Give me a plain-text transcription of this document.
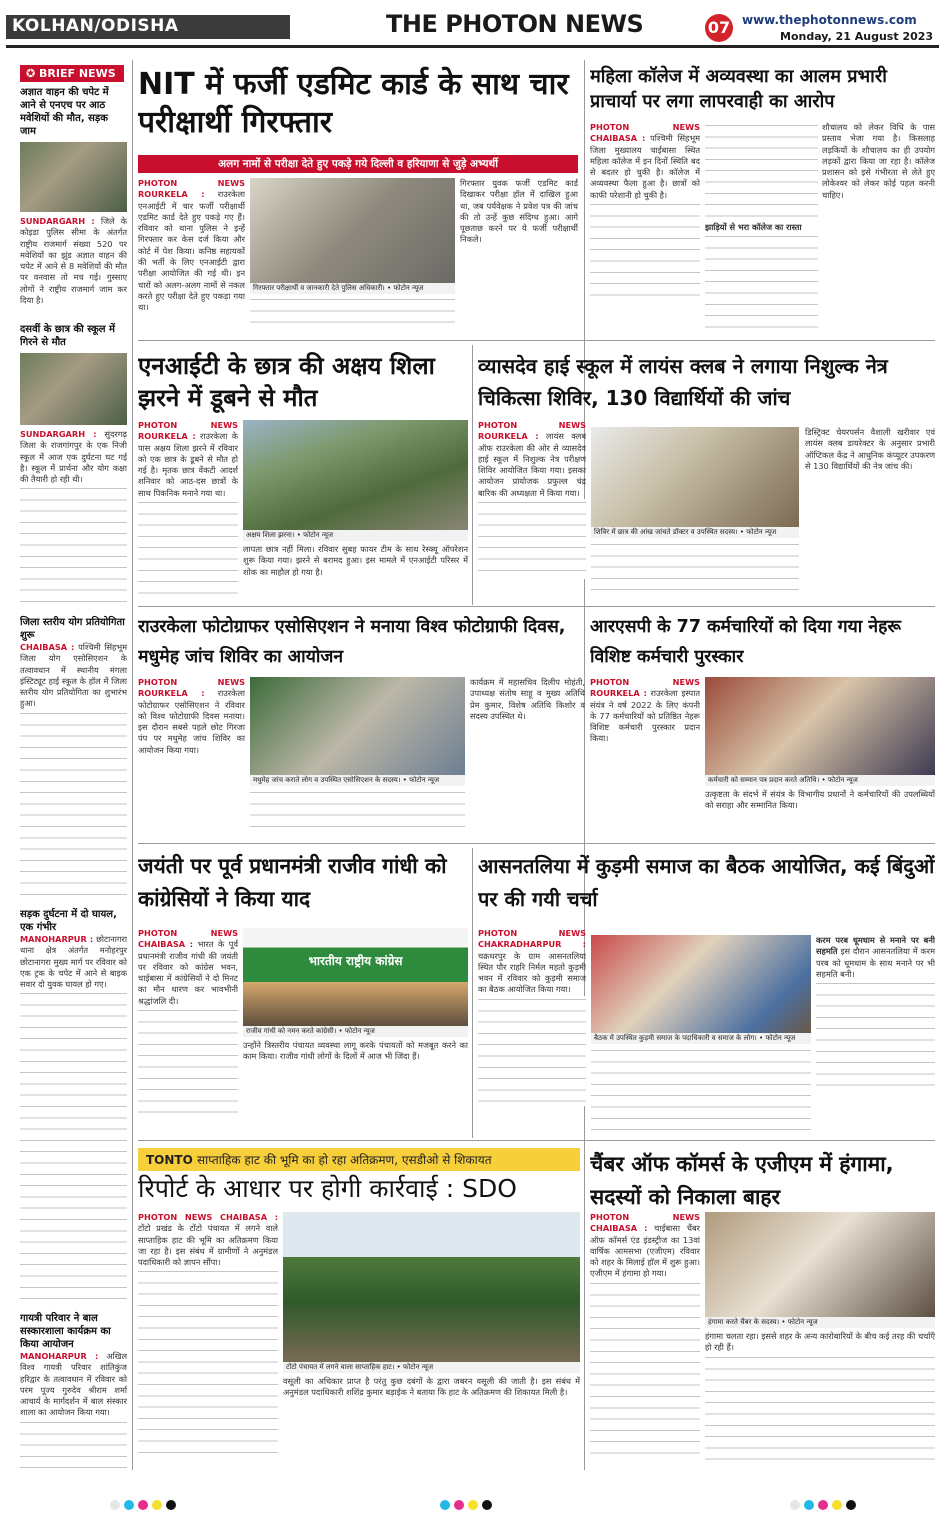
KOLHAN/ODISHA	THE PHOTON NEWS	07 www.thephotonnews.com
Monday, 21 August 2023
✪ BRIEF NEWS
अज्ञात वाहन की चपेट में आने से एनएच पर आठ मवेशियों की मौत, सड़क जाम
SUNDARGARH : जिले के कोइडा पुलिस सीमा के अंतर्गत राष्ट्रीय राजमार्ग संख्या 520 पर मवेशियों का झुंड अज्ञात वाहन की चपेट में आने से 8 मवेशियों की मौत पर वनवास तो मच गई। गुस्साए लोगों ने राष्ट्रीय राजमार्ग जाम कर दिया है।
दसवीं के छात्र की स्कूल में गिरने से मौत
SUNDARGARH : सुंदरगढ़ जिला के राजगांगपुर के एक निजी स्कूल में आज एक दुर्घटना घट गई है। स्कूल में प्रार्थना और योग कक्षा की तैयारी हो रही थी।
जिला स्तरीय योग प्रतियोगिता शुरू
CHAIBASA : पश्चिमी सिंहभूम जिला योग एसोसिएशन के तत्वावधान में स्थानीय मंगला इंस्टिट्यूट हाई स्कूल के हॉल में जिला स्तरीय योग प्रतियोगिता का शुभारंभ हुआ।
सड़क दुर्घटना में दो घायल, एक गंभीर
MANOHARPUR : छोटानागरा थाना क्षेत्र अंतर्गत मनोहरपुर छोटानागरा मुख्य मार्ग पर रविवार को एक ट्रक के चपेट में आने से बाइक सवार दो युवक घायल हो गए।
गायत्री परिवार ने बाल सस्कारशाला कार्यक्रम का किया आयोजन
MANOHARPUR : अखिल विश्व गायत्री परिवार शांतिकुंज हरिद्वार के तत्वावधान में रविवार को परम पूज्य गुरुदेव श्रीराम शर्मा आचार्य के मार्गदर्शन में बाल संस्कार शाला का आयोजन किया गया।
NIT में फर्जी एडमिट कार्ड के साथ चार परीक्षार्थी गिरफ्तार
अलग नामों से परीक्षा देते हुए पकड़े गये दिल्ली व हरियाणा से जुड़े अभ्यर्थी
PHOTON NEWS ROURKELA : राउरकेला एनआईटी में चार फर्जी परीक्षार्थी एडमिट कार्ड देते हुए पकड़े गए हैं। रविवार को थाना पुलिस ने इन्हें गिरफ्तार कर केस दर्ज किया और कोर्ट में पेश किया। कनिष्ठ सहायकों की भर्ती के लिए एनआईटी द्वारा परीक्षा आयोजित की गई थी। इन चारों को अलग-अलग नामों से नकल करते हुए परीक्षा देते हुए पकड़ा गया था।
गिरफ्तार परीक्षार्थी व जानकारी देते पुलिस अधिकारी। • फोटोन न्यूज
गिरफ्तार युवक फर्जी एडमिट कार्ड दिखाकर परीक्षा हॉल में दाखिल हुआ था, जब पर्यवेक्षक ने प्रवेश पत्र की जांच की तो उन्हें कुछ संदिग्ध हुआ। आगे पूछताछ करने पर ये फर्जी परीक्षार्थी निकले।
महिला कॉलेज में अव्यवस्था का आलम प्रभारी प्राचार्या पर लगा लापरवाही का आरोप
PHOTON NEWS CHAIBASA : पश्चिमी सिंहभूम जिला मुख्यालय चाईबासा स्थित महिला कॉलेज में इन दिनों स्थिति बद से बदतर हो चुकी है। कॉलेज में अव्यवस्था फैला हुआ है। छात्रों को काफी परेशानी हो चुकी है।
झाड़ियों से भरा कॉलेज का रास्ता
शौचालय को लेकर विधि के पास प्रस्ताव भेजा गया है। किसलाह लड़कियों के शौचालय का ही उपयोग लड़कों द्वारा किया जा रहा है। कॉलेज प्रशासन को इसे गंभीरता से लेते हुए लोकेश्वर को लेकर कोई पहल करनी चाहिए।
एनआईटी के छात्र की अक्षय शिला झरने में डूबने से मौत
PHOTON NEWS ROURKELA : राउरकेला के पास अक्षय शिला झरने में रविवार को एक छात्र के डूबने से मौत हो गई है। मृतक छात्र वेंकटी आदर्श शनिवार को आठ-दस छात्रों के साथ पिकनिक मनाने गया था।
अक्षय शिला झरना। • फोटोन न्यूज
लापता छात्र नहीं मिला। रविवार सुबह फायर टीम के साथ रेस्क्यू ऑपरेशन शुरू किया गया। झरने से बरामद हुआ। इस मामले में एनआईटी परिसर में शोक का माहौल हो गया है।
व्यासदेव हाई स्कूल में लायंस क्लब ने लगाया निशुल्क नेत्र चिकित्सा शिविर, 130 विद्यार्थियों की जांच
PHOTON NEWS ROURKELA : लायंस क्लब ऑफ राउरकेला की ओर से व्यासदेव हाई स्कूल में निशुल्क नेत्र परीक्षण शिविर आयोजित किया गया। इसका आयोजन प्रायोजक प्रफुल्ल चंद्र बारिक की अध्यक्षता में किया गया।
शिविर में छात्र की आंख जांचते डॉक्टर व उपस्थित सदस्य। • फोटोन न्यूज
डिस्ट्रिक्ट चेयरपर्सन वैशाली खरीवार एवं लायंस क्लब डायरेक्टर के अनुसार प्रभारी ऑप्टिकल केंद्र ने आधुनिक कंप्यूटर उपकरण से 130 विद्यार्थियों की नेत्र जांच की।
राउरकेला फोटोग्राफर एसोसिएशन ने मनाया विश्व फोटोग्राफी दिवस, मधुमेह जांच शिविर का आयोजन
PHOTON NEWS ROURKELA : राउरकेला फोटोग्राफर एसोसिएशन ने रविवार को विश्व फोटोग्राफी दिवस मनाया। इस दौरान सबसे पहले छोट गिरजा पंप पर मधुमेह जांच शिविर का आयोजन किया गया।
मधुमेह जांच कराते लोग व उपस्थित एसोसिएशन के सदस्य। • फोटोन न्यूज
कार्यक्रम में महासचिव दिलीप मोहंती, उपाध्यक्ष संतोष साहू व मुख्य अतिथि प्रेम कुमार, विशेष अतिथि किशोर व सदस्य उपस्थित थे।
आरएसपी के 77 कर्मचारियों को दिया गया नेहरू विशिष्ट कर्मचारी पुरस्कार
PHOTON NEWS ROURKELA : राउरकेला इस्पात संयंत्र ने वर्ष 2022 के लिए कंपनी के 77 कर्मचारियों को प्रतिष्ठित नेहरू विशिष्ट कर्मचारी पुरस्कार प्रदान किया।
कर्मचारी को सम्मान पत्र प्रदान करते अतिथि। • फोटोन न्यूज
उत्कृष्टता के संदर्भ में संयंत्र के विभागीय प्रधानों ने कर्मचारियों की उपलब्धियों को सराहा और सम्मानित किया।
जयंती पर पूर्व प्रधानमंत्री राजीव गांधी को कांग्रेसियों ने किया याद
PHOTON NEWS CHAIBASA : भारत के पूर्व प्रधानमंत्री राजीव गांधी की जयंती पर रविवार को कांग्रेस भवन, चाईबासा में कांग्रेसियों ने दो मिनट का मौन धारण कर भावभीनी श्रद्धांजलि दी।
भारतीय राष्ट्रीय कांग्रेस
राजीव गांधी को नमन करते कांग्रेसी। • फोटोन न्यूज
उन्होंने त्रिस्तरीय पंचायत व्यवस्था लागू करके पंचायतों को मजबूत करने का काम किया। राजीव गांधी लोगों के दिलों में आज भी जिंदा हैं।
आसनतलिया में कुड़मी समाज का बैठक आयोजित, कई बिंदुओं पर की गयी चर्चा
PHOTON NEWS CHAKRADHARPUR : चक्रधरपुर के ग्राम आसनतलिया स्थित पौर राहरि निर्मल महतो कुड़मी भवन में रविवार को कुड़मी समाज का बैठक आयोजित किया गया।
बैठक में उपस्थित कुड़मी समाज के पदाधिकारी व समाज के लोग। • फोटोन न्यूज
करम परब धूमधाम से मनाने पर बनी सहमति इस दौरान आसनतलिया में करम परब को धूमधाम के साथ मनाने पर भी सहमति बनी।
TONTO साप्ताहिक हाट की भूमि का हो रहा अतिक्रमण, एसडीओ से शिकायत
रिपोर्ट के आधार पर होगी कार्रवाई : SDO
PHOTON NEWS CHAIBASA : टोंटो प्रखंड के टोंटो पंचायत में लगने वाले साप्ताहिक हाट की भूमि का अतिक्रमण किया जा रहा है। इस संबंध में ग्रामीणों ने अनुमंडल पदाधिकारी को ज्ञापन सौंपा।
टोंटो पंचायत में लगने वाला साप्ताहिक हाट। • फोटोन न्यूज
वसूली का अधिकार प्राप्त है परंतु कुछ दबंगों के द्वारा जबरन वसूली की जाती है। इस संबंध में अनुमंडल पदाधिकारी शशिंद्र कुमार बड़ाईक ने बताया कि हाट के अतिक्रमण की शिकायत मिली है।
चैंबर ऑफ कॉमर्स के एजीएम में हंगामा, सदस्यों को निकाला बाहर
PHOTON NEWS CHAIBASA : चाईबासा चैंबर ऑफ कॉमर्स एंड इंडस्ट्रीज का 13वां वार्षिक आमसभा (एजीएम) रविवार को शहर के मिलाई हॉल में शुरू हुआ। एजीएम में हंगामा हो गया।
हंगामा करते चैंबर के सदस्य। • फोटोन न्यूज
हंगामा चलता रहा। इससे शहर के अन्य कारोबारियों के बीच कई तरह की चर्चाएँ हो रही हैं।
